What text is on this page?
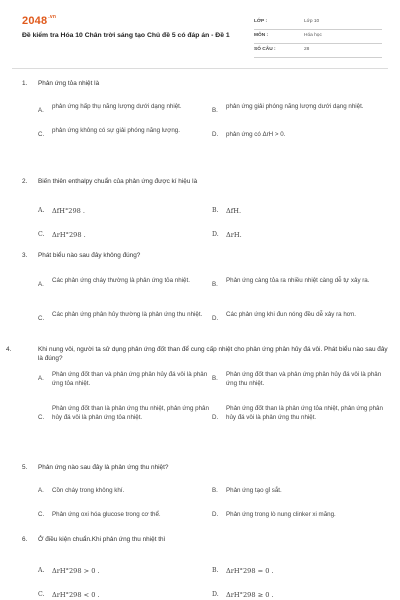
$2048^{.vn}$
Đề kiểm tra Hóa 10 Chân trời sáng tạo Chủ đề 5 có đáp án - Đề 1
LỚP :	Lớp 10
MÔN :	Hóa học
SỐ CÂU :	28
1. Phản ứng tỏa nhiệt là
A.
phản ứng hấp thụ năng lượng dưới dạng nhiệt.
B.
phản ứng giải phóng năng lượng dưới dạng nhiệt.
C.
phản ứng không có sự giải phóng năng lượng.
D. phản ứng có ΔrH > 0.
2. Biến thiên enthalpy chuẩn của phản ứng được kí hiệu là
A. ΔfH°298 .	B. ΔfH.
C. ΔrH°298 .	D. ΔrH.
3. Phát biểu nào sau đây không đúng?
A.
Các phản ứng cháy thường là phản ứng tỏa nhiệt.
B.
Phản ứng càng tỏa ra nhiều nhiệt càng dễ tự xảy ra.
C.
Các phản ứng phân hủy thường là phản ứng thu nhiệt.
D.
Các phản ứng khi đun nóng đều dễ xảy ra hơn.
4.	Khi nung vôi, người ta sử dụng phản ứng đốt than để cung cấp nhiệt cho phản ứng phân hủy đá vôi. Phát biểu nào sau đây là đúng?
A.
Phản ứng đốt than và phản ứng phân hủy đá vôi là phản ứng tỏa nhiệt.
B.
Phản ứng đốt than và phản ứng phân hủy đá vôi là phản ứng thu nhiệt.
C.
Phản ứng đốt than là phản ứng thu nhiệt, phản ứng phân hủy đá vôi là phản ứng tỏa nhiệt.	D.
Phản ứng đốt than là phản ứng tỏa nhiệt, phản ứng phân hủy đá vôi là phản ứng thu nhiệt.
5. Phản ứng nào sau đây là phản ứng thu nhiệt?
A. Cồn cháy trong không khí.	B. Phản ứng tạo gỉ sắt.
C. Phản ứng oxi hóa glucose trong cơ thể.	D. Phản ứng trong lò nung clinker xi măng.
6. Ở điều kiện chuẩn.Khi phản ứng thu nhiệt thì
A. ΔrH°298 > 0 .	B. ΔrH°298 = 0 .
C. ΔrH°298 < 0 .	D. ΔrH°298 ≥ 0 .
